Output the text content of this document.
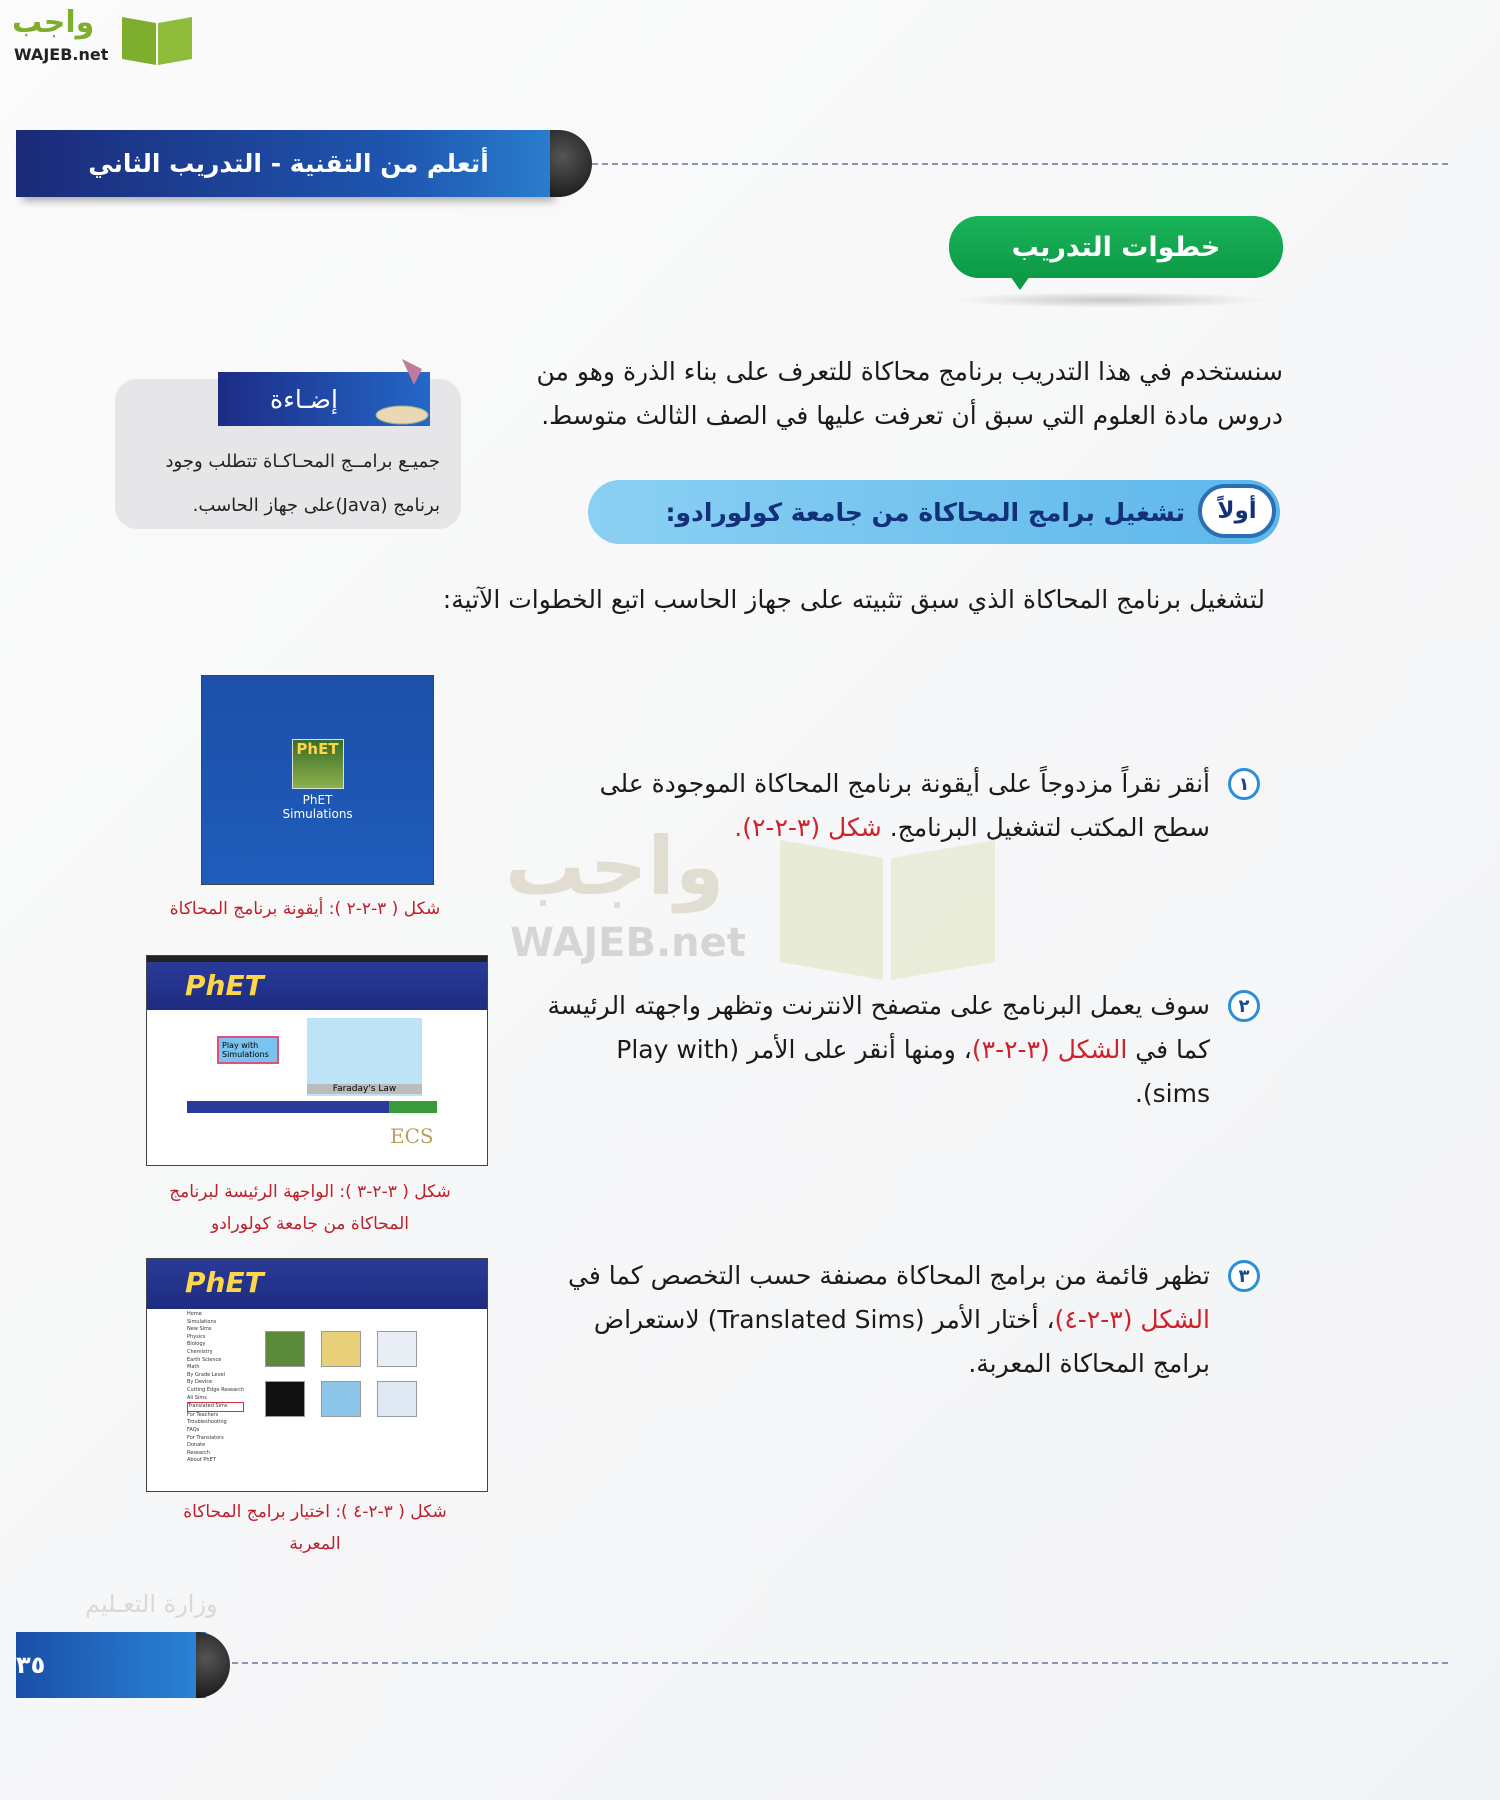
واجب
WAJEB.net
أتعلم من التقنية - التدريب الثاني
خطوات التدريب
سنستخدم في هذا التدريب برنامج محاكاة للتعرف على بناء الذرة وهو من دروس مادة العلوم التي سبق أن تعرفت عليها في الصف الثالث متوسط.
إضـاءة
جميـع برامــج المحـاكـاة تتطلب وجود برنامج (Java)على جهاز الحاسب.	تشغيل برامج المحاكاة من جامعة كولورادو: أولاً
لتشغيل برنامج المحاكاة الذي سبق تثبيته على جهاز الحاسب اتبع الخطوات الآتية:
PhET
PhET Simulations
شكل ( ٣-٢-٢ ): أيقونة برنامج المحاكاة
١
أنقر نقراً مزدوجاً على أيقونة برنامج المحاكاة الموجودة على سطح المكتب لتشغيل البرنامج. شكل (٣-٢-٢).
PhET
Play with Simulations
Faraday's Law
ECS
شكل ( ٣-٢-٣ ): الواجهة الرئيسة لبرنامج المحاكاة من جامعة كولورادو
٢
سوف يعمل البرنامج على متصفح الانترنت وتظهر واجهته الرئيسة كما في الشكل (٣-٢-٣)، ومنها أنقر على الأمر (Play with sims).
PhET
Home
Simulations
New Sims
Physics
Biology
Chemistry
Earth Science
Math
By Grade Level
By Device
Cutting Edge Research
All Sims
Translated Sims
For Teachers
Troubleshooting
FAQs
For Translators
Donate
Research
About PhET
شكل ( ٣-٢-٤ ): اختيار برامج المحاكاة المعربة
٣
تظهر قائمة من برامج المحاكاة مصنفة حسب التخصص كما في الشكل (٣-٢-٤)، أختار الأمر (Translated Sims) لاستعراض برامج المحاكاة المعربة.
واجب
WAJEB.net
وزارة التعـليم
٣٥
